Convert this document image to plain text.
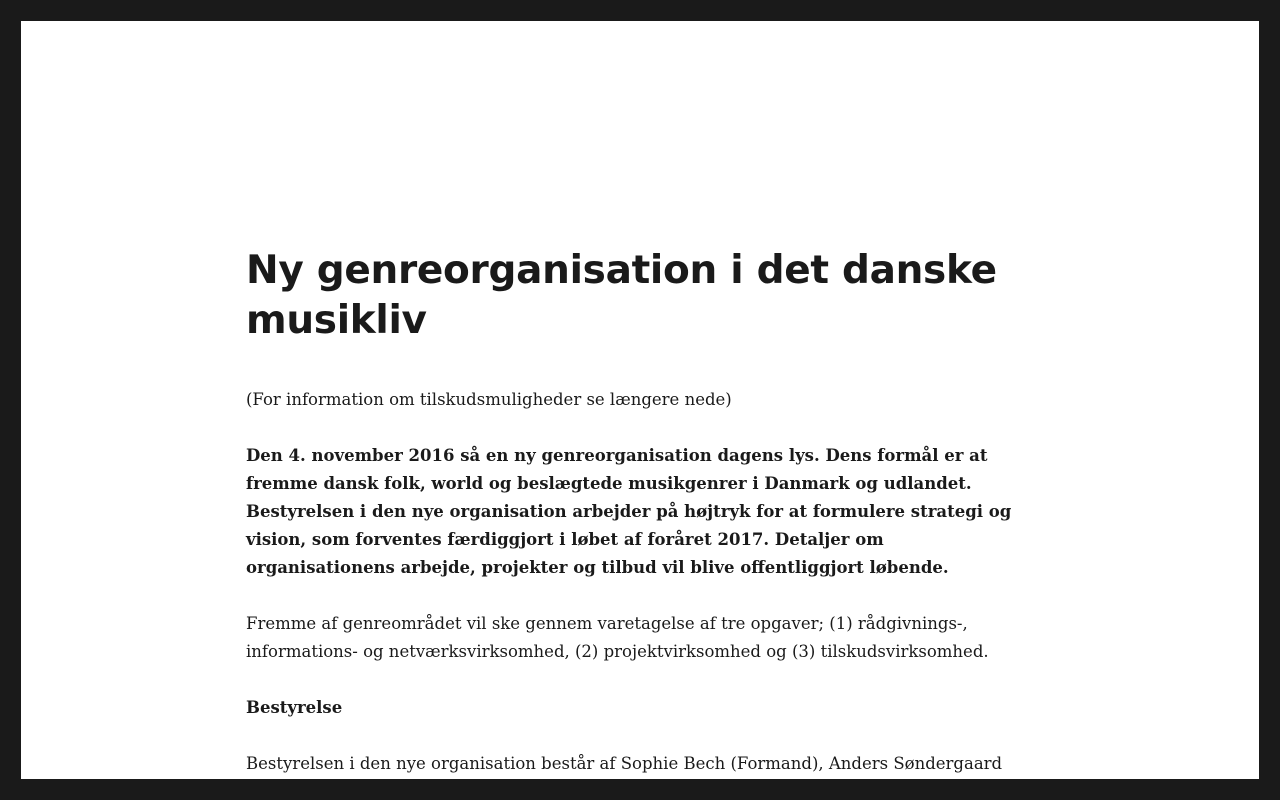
Ny genreorganisation i det danske musikliv

(For information om tilskudsmuligheder se længere nede)

Den 4. november 2016 så en ny genreorganisation dagens lys. Dens formål er at fremme dansk folk, world og beslægtede musikgenrer i Danmark og udlandet. Bestyrelsen i den nye organisation arbejder på højtryk for at formulere strategi og vision, som forventes færdiggjort i løbet af foråret 2017. Detaljer om organisationens arbejde, projekter og tilbud vil blive offentliggjort løbende.

Fremme af genreområdet vil ske gennem varetagelse af tre opgaver; (1) rådgivnings-, informations- og netværksvirksomhed, (2) projektvirksomhed og (3) tilskudsvirksomhed.

Bestyrelse

Bestyrelsen i den nye organisation består af Sophie Bech (Formand), Anders Søndergaard
